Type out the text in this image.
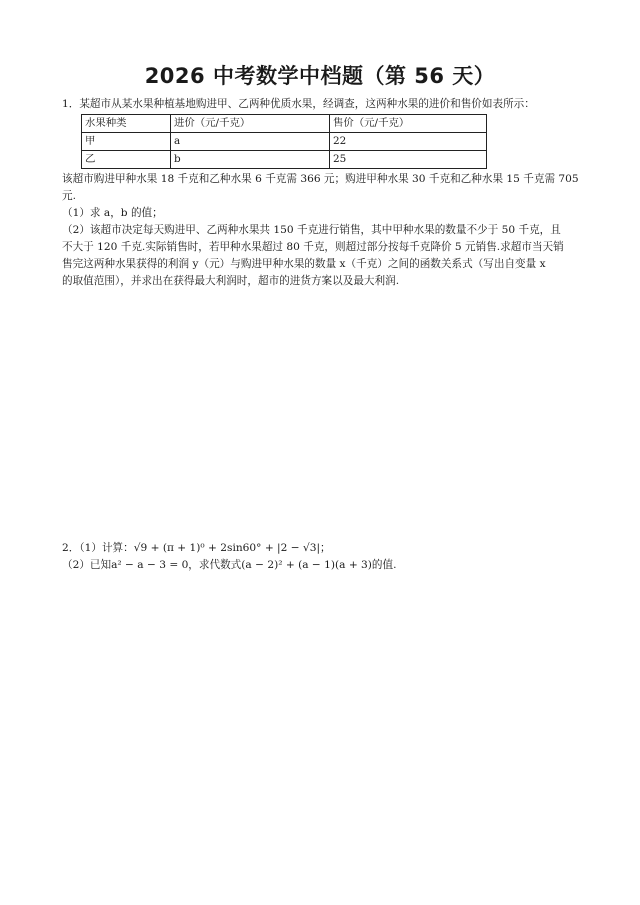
2026 中考数学中档题（第 56 天）
1．某超市从某水果种植基地购进甲、乙两种优质水果，经调查，这两种水果的进价和售价如表所示：
水果种类	进价（元/千克）	售价（元/千克）
甲	a	22
乙	b	25
该超市购进甲种水果 18 千克和乙种水果 6 千克需 366 元；购进甲种水果 30 千克和乙种水果 15 千克需 705
元.
（1）求 a，b 的值；
（2）该超市决定每天购进甲、乙两种水果共 150 千克进行销售，其中甲种水果的数量不少于 50 千克，且
不大于 120 千克.实际销售时，若甲种水果超过 80 千克，则超过部分按每千克降价 5 元销售.求超市当天销
售完这两种水果获得的利润 y（元）与购进甲种水果的数量 x（千克）之间的函数关系式（写出自变量 x
的取值范围），并求出在获得最大利润时，超市的进货方案以及最大利润.
2．（1）计算：√9 + (π + 1)⁰ + 2sin60° + |2 − √3|；
（2）已知a² − a − 3 = 0，求代数式(a − 2)² + (a − 1)(a + 3)的值.
